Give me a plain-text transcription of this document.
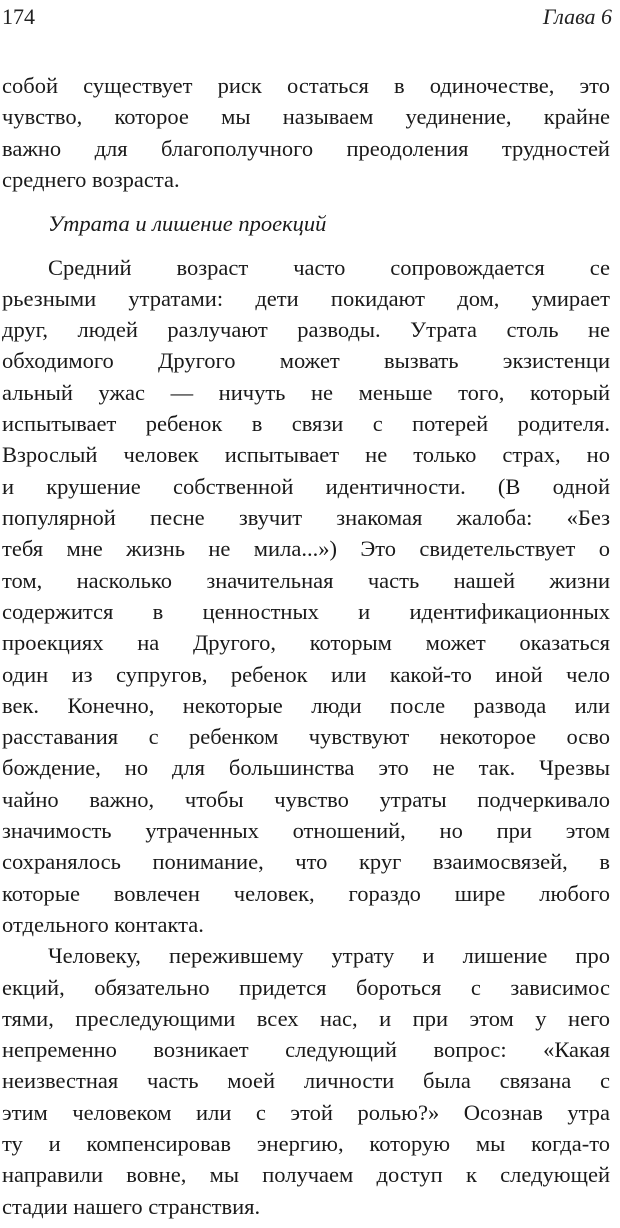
174	Глава 6
собой существует риск остаться в одиночестве, это
чувство, которое мы называем уединение, крайне
важно для благополучного преодоления трудностей
среднего возраста.
Утрата и лишение проекций
Средний возраст часто сопровождается се
рьезными утратами: дети покидают дом, умирает
друг, людей разлучают разводы. Утрата столь не
обходимого Другого может вызвать экзистенци
альный ужас — ничуть не меньше того, который
испытывает ребенок в связи с потерей родителя.
Взрослый человек испытывает не только страх, но
и крушение собственной идентичности. (В одной
популярной песне звучит знакомая жалоба: «Без
тебя мне жизнь не мила...») Это свидетельствует о
том, насколько значительная часть нашей жизни
содержится в ценностных и идентификационных
проекциях на Другого, которым может оказаться
один из супругов, ребенок или какой-то иной чело
век. Конечно, некоторые люди после развода или
расставания с ребенком чувствуют некоторое осво
бождение, но для большинства это не так. Чрезвы
чайно важно, чтобы чувство утраты подчеркивало
значимость утраченных отношений, но при этом
сохранялось понимание, что круг взаимосвязей, в
которые вовлечен человек, гораздо шире любого
отдельного контакта.
Человеку, пережившему утрату и лишение про
екций, обязательно придется бороться с зависимос
тями, преследующими всех нас, и при этом у него
непременно возникает следующий вопрос: «Какая
неизвестная часть моей личности была связана с
этим человеком или с этой ролью?» Осознав утра
ту и компенсировав энергию, которую мы когда-то
направили вовне, мы получаем доступ к следующей
стадии нашего странствия.
